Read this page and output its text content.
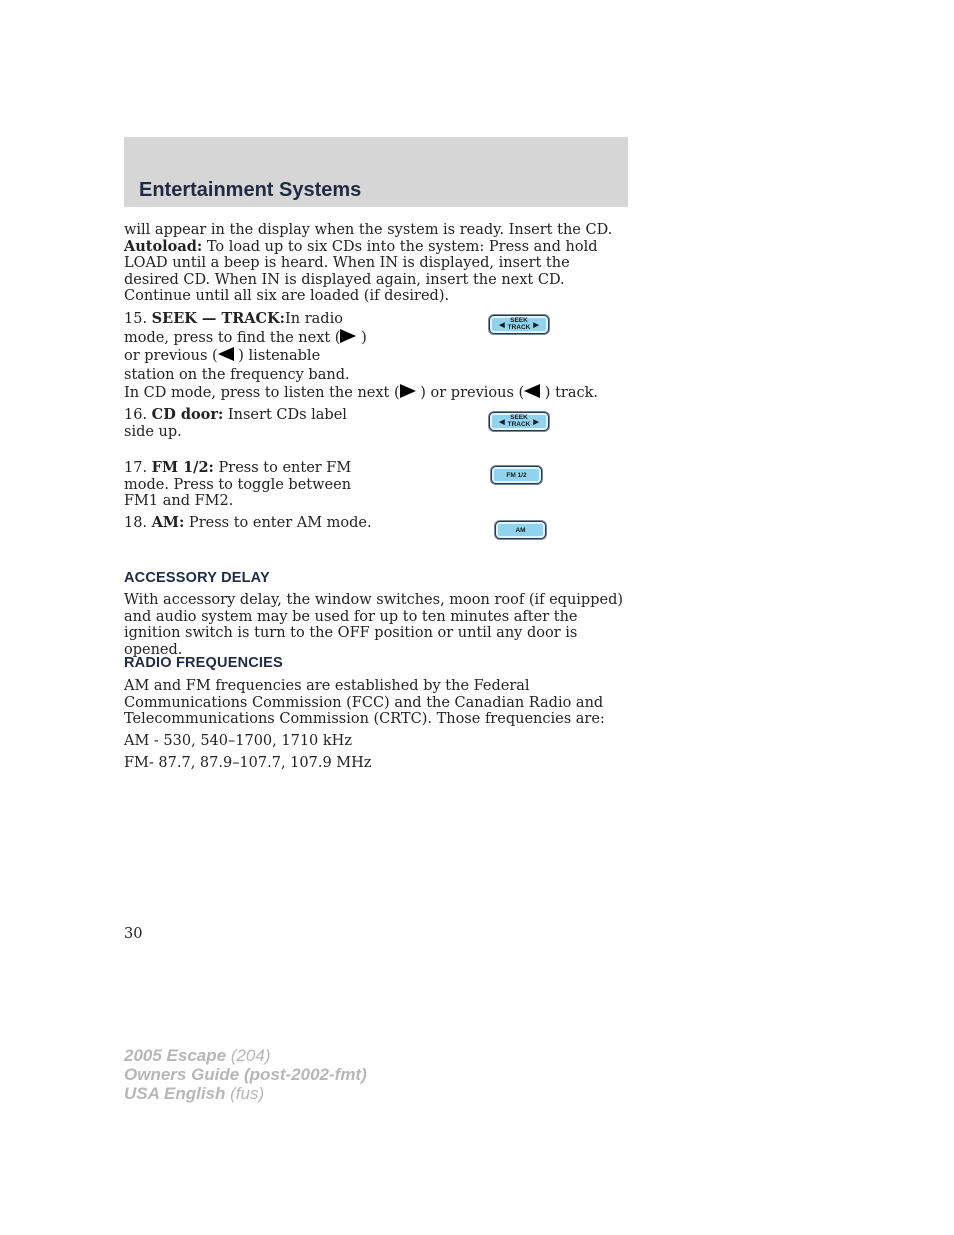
Entertainment Systems

will appear in the display when the system is ready. Insert the CD.
Autoload: To load up to six CDs into the system: Press and hold LOAD until a beep is heard. When IN is displayed, insert the desired CD. When IN is displayed again, insert the next CD. Continue until all six are loaded (if desired).

15. SEEK — TRACK:In radio mode, press to find the next ( ) or previous ( ) listenable station on the frequency band.

In CD mode, press to listen the next ( ) or previous ( ) track.

◀
SEEK
TRACK ▶

16. CD door: Insert CDs label side up.

◀
SEEK
TRACK ▶

17. FM 1/2: Press to enter FM mode. Press to toggle between FM1 and FM2.

FM 1/2

18. AM: Press to enter AM mode.	AM
ACCESSORY DELAY

With accessory delay, the window switches, moon roof (if equipped) and audio system may be used for up to ten minutes after the ignition switch is turn to the OFF position or until any door is opened.

RADIO FREQUENCIES

AM and FM frequencies are established by the Federal Communications Commission (FCC) and the Canadian Radio and Telecommunications Commission (CRTC). Those frequencies are:

AM - 530, 540–1700, 1710 kHz

FM- 87.7, 87.9–107.7, 107.9 MHz

30

2005 Escape (204)
Owners Guide (post-2002-fmt)
USA English (fus)
